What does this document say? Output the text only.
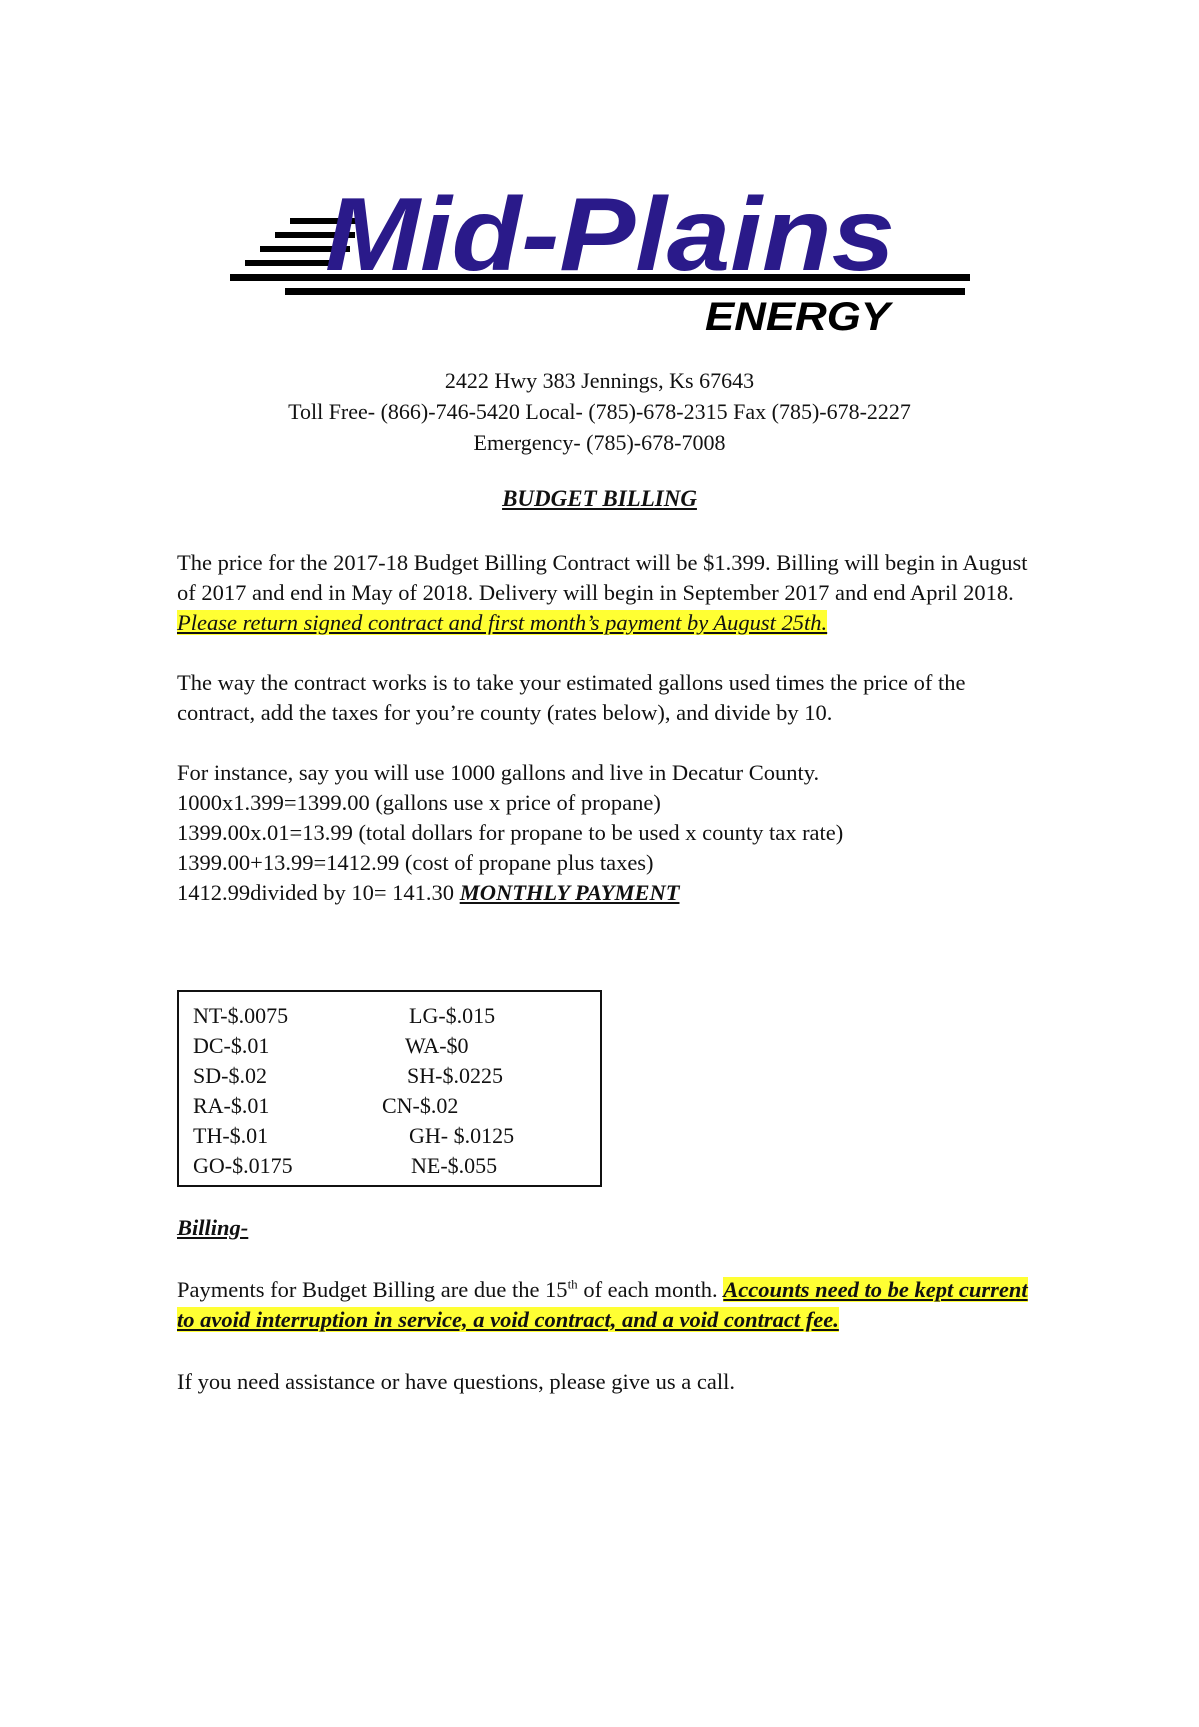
Mid-Plains
ENERGY
2422 Hwy 383 Jennings, Ks 67643
Toll Free- (866)-746-5420 Local- (785)-678-2315 Fax (785)-678-2227
Emergency- (785)-678-7008
BUDGET BILLING
The price for the 2017-18 Budget Billing Contract will be $1.399. Billing will begin in August of 2017 and end in May of 2018. Delivery will begin in September 2017 and end April 2018.  Please return signed contract and first month’s payment by August 25th.
The way the contract works is to take your estimated gallons used times the price of the contract, add the taxes for you’re county (rates below), and divide by 10.
For instance, say you will use 1000 gallons and live in Decatur County.
1000x1.399=1399.00 (gallons use x price of propane)
1399.00x.01=13.99 (total dollars for propane to be used x county tax rate)
1399.00+13.99=1412.99 (cost of propane plus taxes)
1412.99divided by 10= 141.30 MONTHLY PAYMENT
NT-$.0075	LG-$.015
DC-$.01	WA-$0
SD-$.02	SH-$.0225
RA-$.01	CN-$.02
TH-$.01	GH- $.0125
GO-$.0175	NE-$.055
Billing-
Payments for Budget Billing are due the 15th of each month. Accounts need to be kept current to avoid interruption in service, a void contract, and a void contract fee.
If you need assistance or have questions, please give us a call.
